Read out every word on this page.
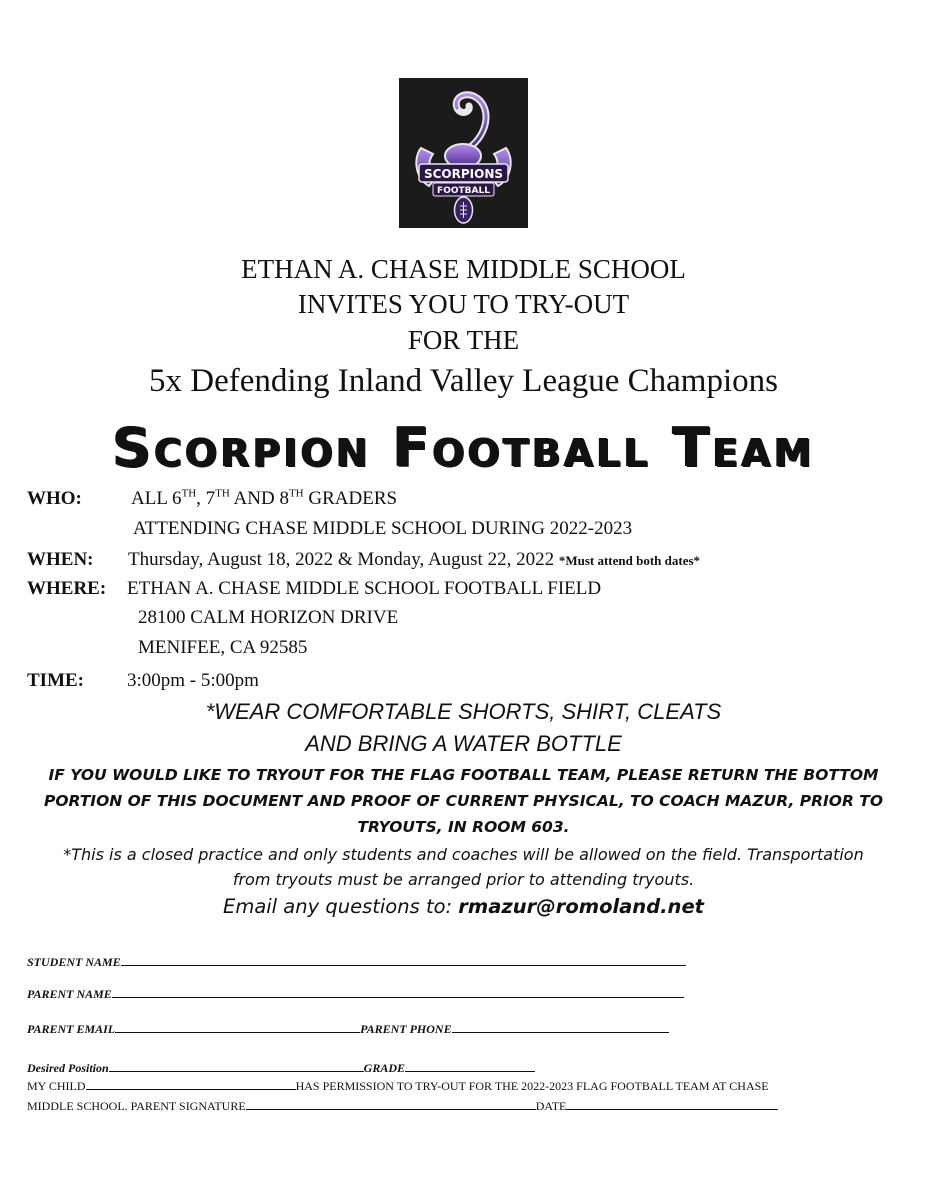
SCORPIONS
FOOTBALL
ETHAN A. CHASE MIDDLE SCHOOL
INVITES YOU TO TRY-OUT
FOR THE
5x Defending Inland Valley League Champions
Scorpion Football Team
WHO:	ALL 6TH, 7TH AND 8TH GRADERS
ATTENDING CHASE MIDDLE SCHOOL DURING 2022-2023
WHEN: Thursday, August 18, 2022 & Monday, August 22, 2022 *Must attend both dates*
WHERE: ETHAN A. CHASE MIDDLE SCHOOL FOOTBALL FIELD
28100 CALM HORIZON DRIVE
MENIFEE, CA 92585
TIME: 3:00pm - 5:00pm
*WEAR COMFORTABLE SHORTS, SHIRT, CLEATS
AND BRING A WATER BOTTLE
IF YOU WOULD LIKE TO TRYOUT FOR THE FLAG FOOTBALL TEAM, PLEASE RETURN THE BOTTOM
PORTION OF THIS DOCUMENT AND PROOF OF CURRENT PHYSICAL, TO COACH MAZUR, PRIOR TO
TRYOUTS, IN ROOM 603.
*This is a closed practice and only students and coaches will be allowed on the field. Transportation
from tryouts must be arranged prior to attending tryouts.
Email any questions to: rmazur@romoland.net
STUDENT NAME
PARENT NAME
PARENT EMAIL	PARENT PHONE
Desired Position	GRADE
MY CHILD	HAS PERMISSION TO TRY-OUT FOR THE 2022-2023 FLAG FOOTBALL TEAM AT CHASE
MIDDLE SCHOOL. PARENT SIGNATURE	DATE
